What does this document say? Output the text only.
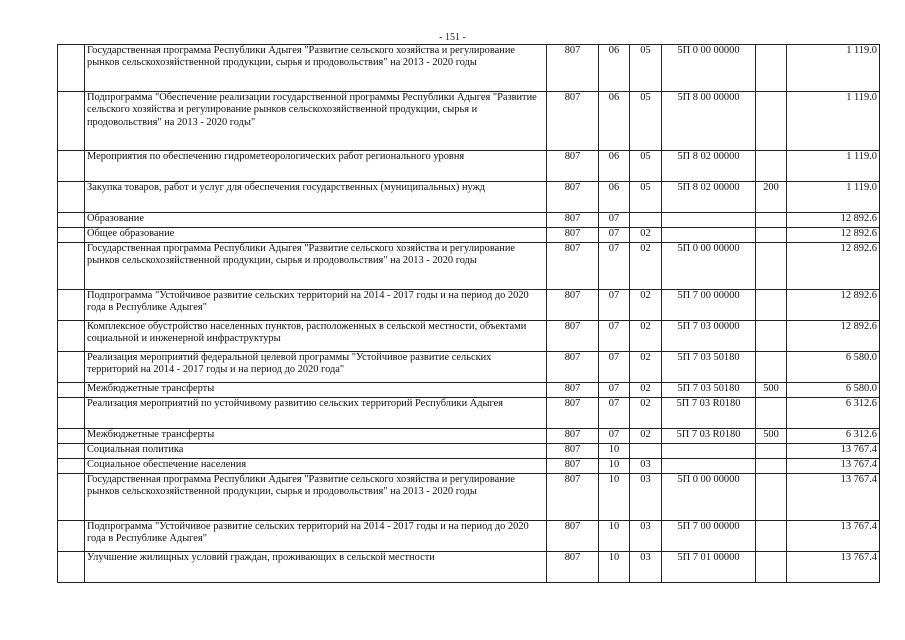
- 151 -
	Государственная программа Республики Адыгея "Развитие сельского хозяйства и регулирование рынков сельскохозяйственной продукции, сырья и продовольствия" на 2013 - 2020 годы	807	06	05	5П 0 00 00000		1 119.0
	Подпрограмма "Обеспечение реализации государственной программы Республики Адыгея "Развитие сельского хозяйства и регулирование рынков сельскохозяйственной продукции, сырья и продовольствия" на 2013 - 2020 годы"	807	06	05	5П 8 00 00000		1 119.0
	Мероприятия по обеспечению гидрометеорологических работ регионального уровня	807	06	05	5П 8 02 00000		1 119.0
	Закупка товаров, работ и услуг для обеспечения государственных (муниципальных) нужд	807	06	05	5П 8 02 00000	200	1 119.0
	Образование	807	07				12 892.6
	Общее образование	807	07	02			12 892.6
	Государственная программа Республики Адыгея "Развитие сельского хозяйства и регулирование рынков сельскохозяйственной продукции, сырья и продовольствия" на 2013 - 2020 годы	807	07	02	5П 0 00 00000		12 892.6
	Подпрограмма "Устойчивое развитие сельских территорий на 2014 - 2017 годы и на период до 2020 года в Республике Адыгея"	807	07	02	5П 7 00 00000		12 892.6
	Комплексное обустройство населенных пунктов, расположенных в сельской местности, объектами социальной и инженерной инфраструктуры	807	07	02	5П 7 03 00000		12 892.6
	Реализация мероприятий федеральной целевой программы "Устойчивое развитие сельских территорий на 2014 - 2017 годы и на период до 2020 года"	807	07	02	5П 7 03 50180		6 580.0
	Межбюджетные трансферты	807	07	02	5П 7 03 50180	500	6 580.0
	Реализация мероприятий по устойчивому развитию сельских территорий Республики Адыгея	807	07	02	5П 7 03 R0180		6 312.6
	Межбюджетные трансферты	807	07	02	5П 7 03 R0180	500	6 312.6
	Социальная политика	807	10				13 767.4
	Социальное обеспечение населения	807	10	03			13 767.4
	Государственная программа Республики Адыгея "Развитие сельского хозяйства и регулирование рынков сельскохозяйственной продукции, сырья и продовольствия" на 2013 - 2020 годы	807	10	03	5П 0 00 00000		13 767.4
	Подпрограмма "Устойчивое развитие сельских территорий на 2014 - 2017 годы и на период до 2020 года в Республике Адыгея"	807	10	03	5П 7 00 00000		13 767.4
	Улучшение жилищных условий граждан, проживающих в сельской местности	807	10	03	5П 7 01 00000		13 767.4
